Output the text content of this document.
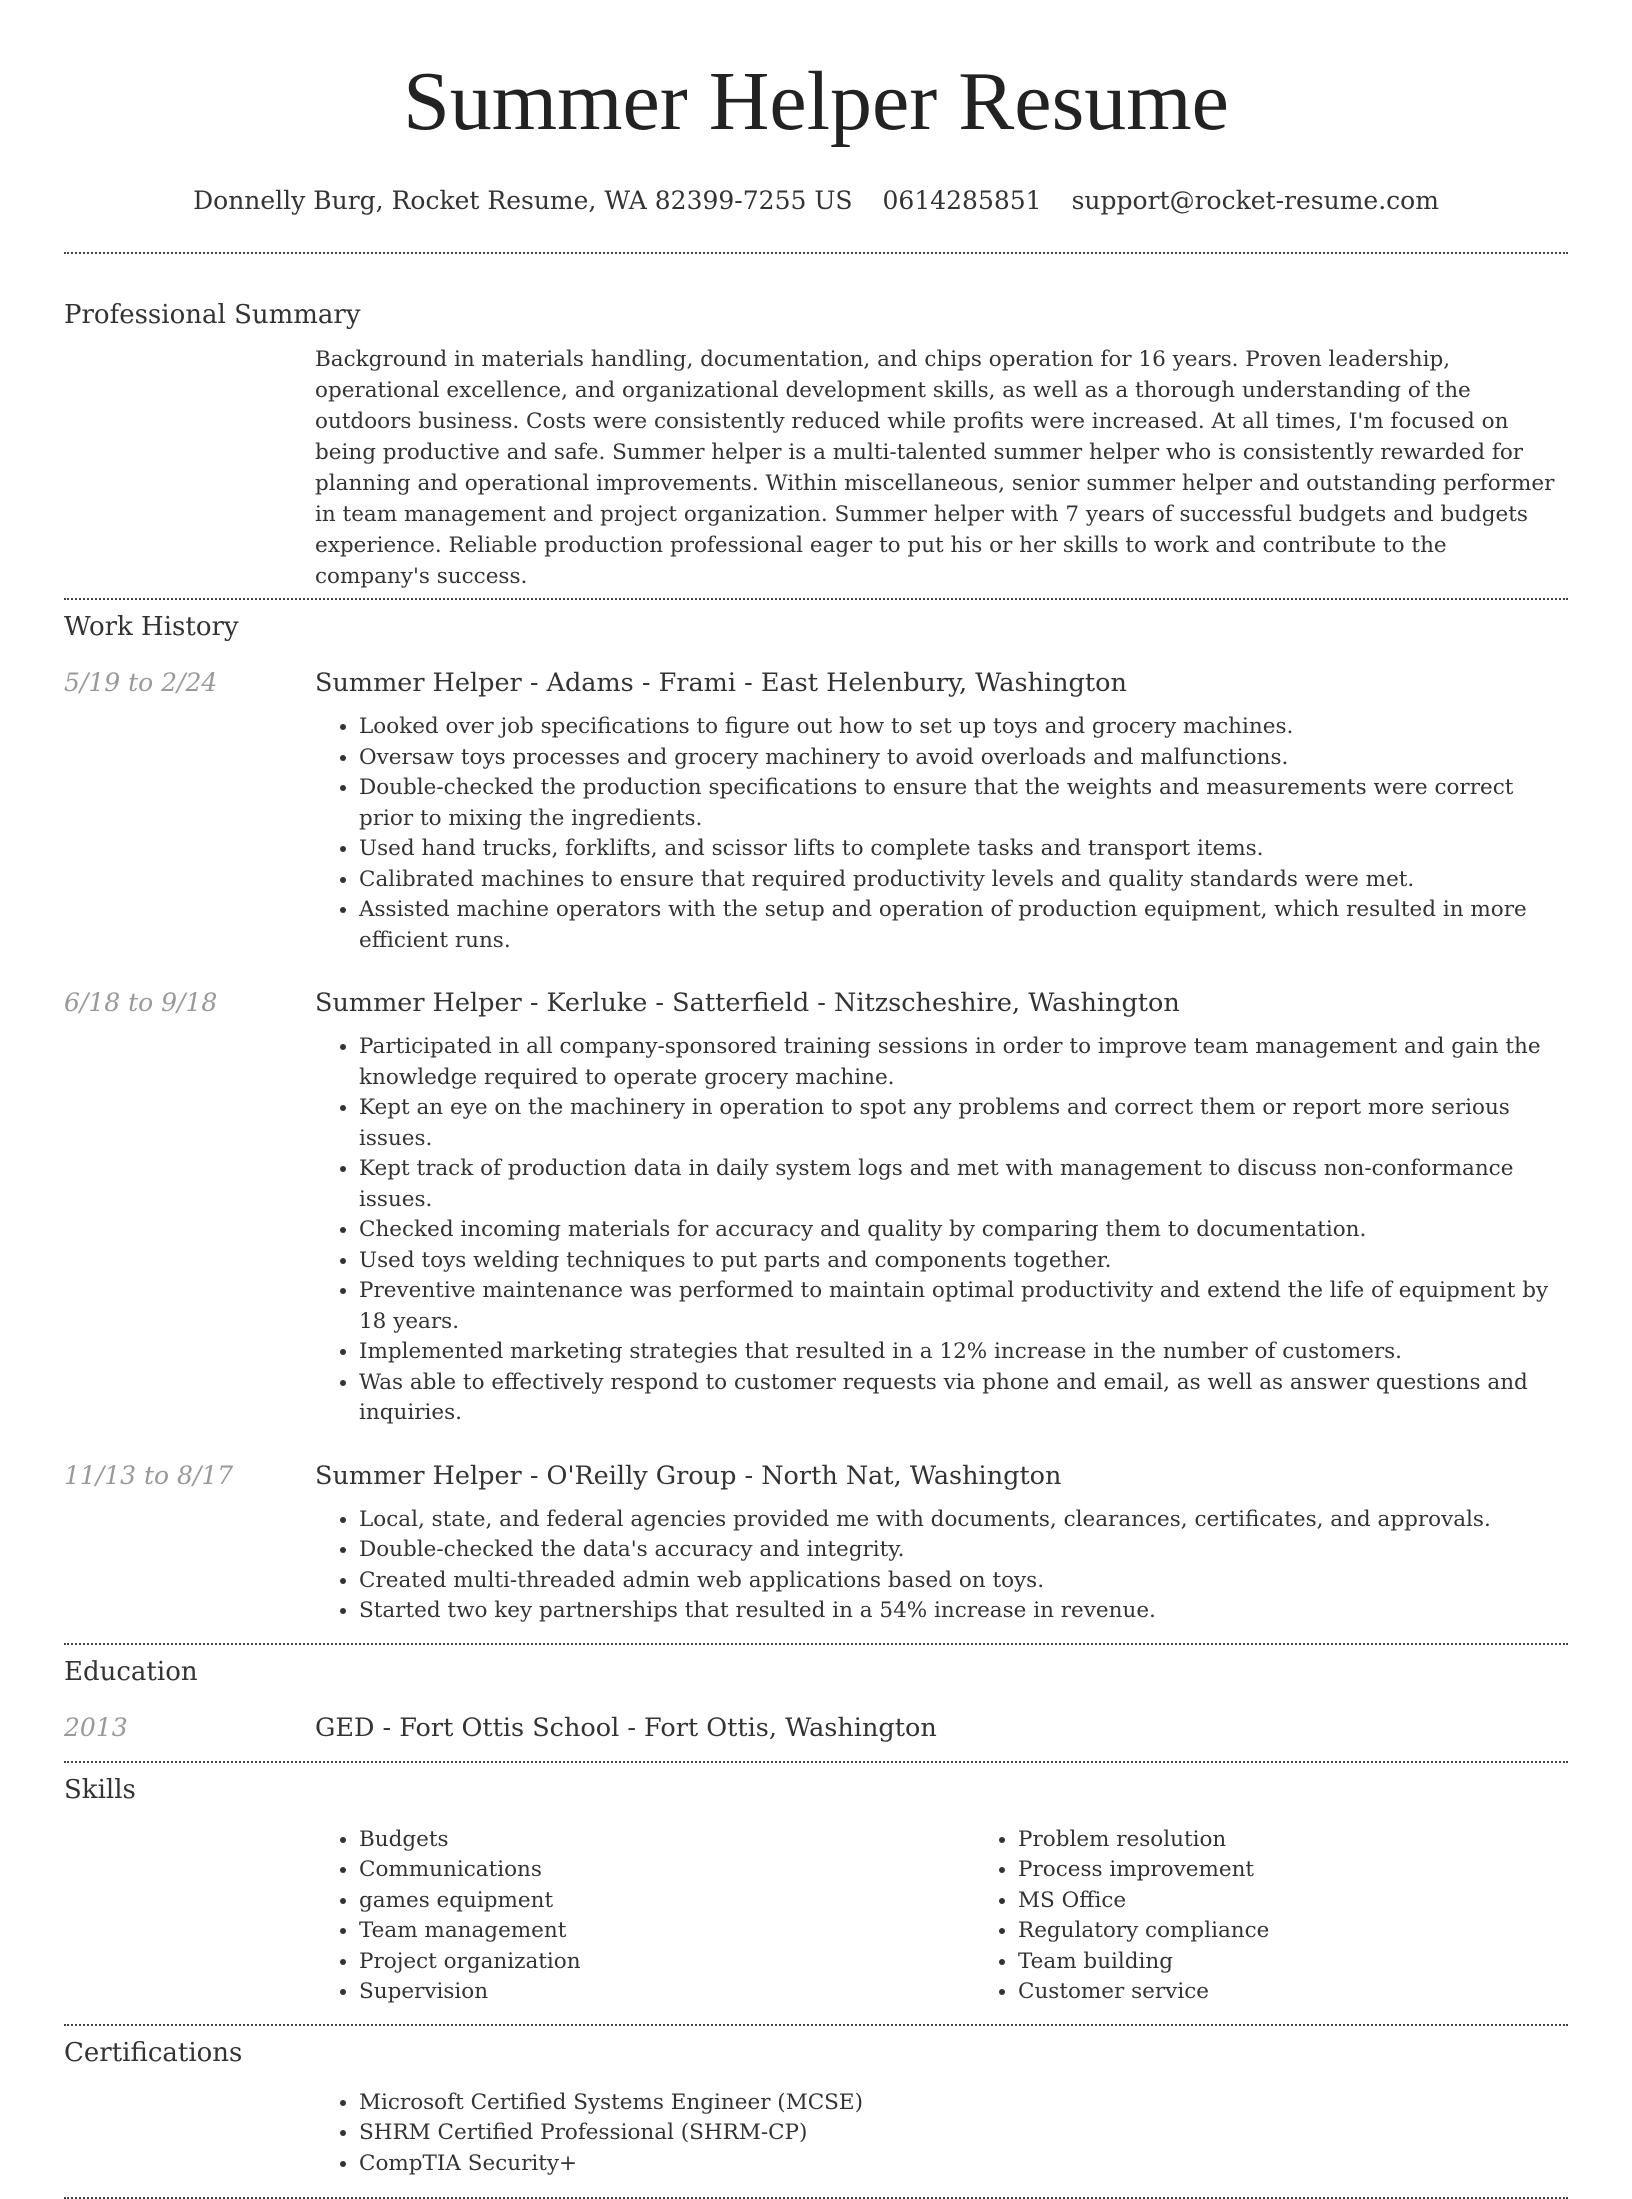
Summer Helper Resume
Donnelly Burg, Rocket Resume, WA 82399-7255 US 0614285851 support@rocket-resume.com
Professional Summary

Background in materials handling, documentation, and chips operation for 16 years. Proven leadership, operational excellence, and organizational development skills, as well as a thorough understanding of the outdoors business. Costs were consistently reduced while profits were increased. At all times, I'm focused on being productive and safe. Summer helper is a multi-talented summer helper who is consistently rewarded for planning and operational improvements. Within miscellaneous, senior summer helper and outstanding performer in team management and project organization. Summer helper with 7 years of successful budgets and budgets experience. Reliable production professional eager to put his or her skills to work and contribute to the company's success.

Work History
5/19 to 2/24	Summer Helper - Adams - Frami - East Helenbury, Washington
• Looked over job specifications to figure out how to set up toys and grocery machines.
• Oversaw toys processes and grocery machinery to avoid overloads and malfunctions.
• Double-checked the production specifications to ensure that the weights and measurements were correct prior to mixing the ingredients.
• Used hand trucks, forklifts, and scissor lifts to complete tasks and transport items.
• Calibrated machines to ensure that required productivity levels and quality standards were met.
• Assisted machine operators with the setup and operation of production equipment, which resulted in more efficient runs.
6/18 to 9/18	Summer Helper - Kerluke - Satterfield - Nitzscheshire, Washington
• Participated in all company-sponsored training sessions in order to improve team management and gain the knowledge required to operate grocery machine.
• Kept an eye on the machinery in operation to spot any problems and correct them or report more serious issues.
• Kept track of production data in daily system logs and met with management to discuss non-conformance issues.
• Checked incoming materials for accuracy and quality by comparing them to documentation.
• Used toys welding techniques to put parts and components together.
• Preventive maintenance was performed to maintain optimal productivity and extend the life of equipment by 18 years.
• Implemented marketing strategies that resulted in a 12% increase in the number of customers.
• Was able to effectively respond to customer requests via phone and email, as well as answer questions and inquiries.
11/13 to 8/17	Summer Helper - O'Reilly Group - North Nat, Washington
• Local, state, and federal agencies provided me with documents, clearances, certificates, and approvals.
• Double-checked the data's accuracy and integrity.
• Created multi-threaded admin web applications based on toys.
• Started two key partnerships that resulted in a 54% increase in revenue.
Education
2013	GED - Fort Ottis School - Fort Ottis, Washington
Skills
• Budgets
• Communications
• games equipment
• Team management
• Project organization
• Supervision
• Problem resolution
• Process improvement
• MS Office
• Regulatory compliance
• Team building
• Customer service
Certifications
• Microsoft Certified Systems Engineer (MCSE)
• SHRM Certified Professional (SHRM-CP)
• CompTIA Security+
